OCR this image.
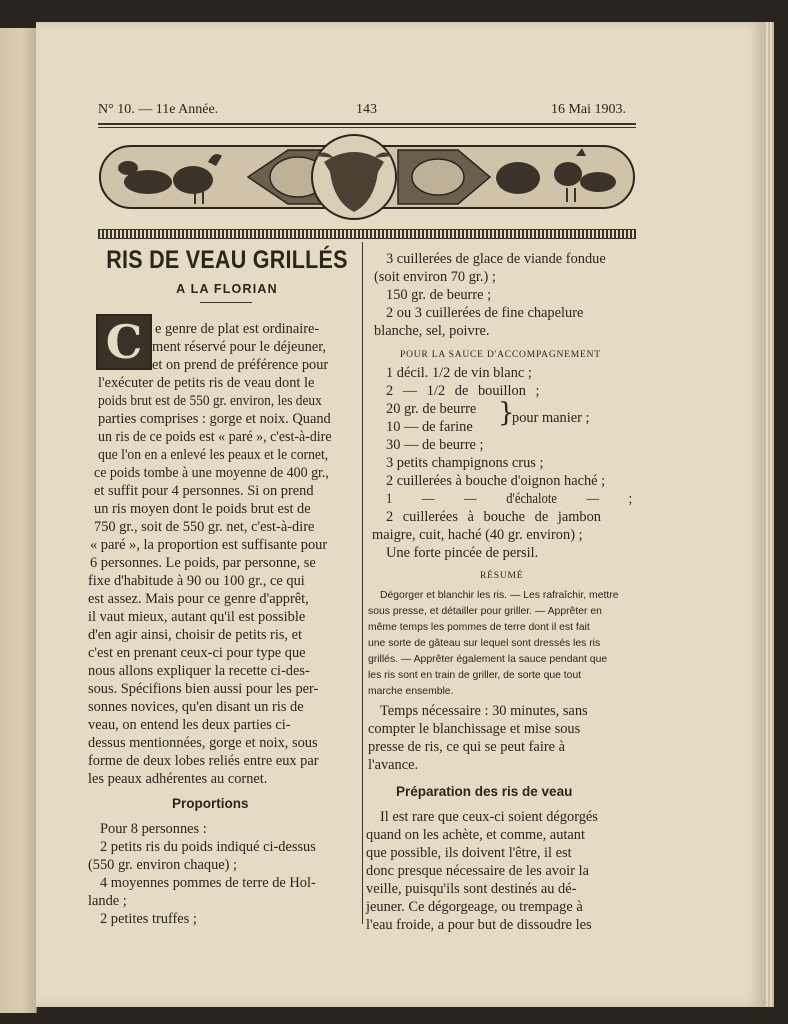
N° 10. — 11e Année.	143	16 Mai 1903.
RIS DE VEAU GRILLÉS
A LA FLORIAN
C e genre de plat est ordinaire-
ment réservé pour le déjeuner,
et on prend de préférence pour
l'exécuter de petits ris de veau dont le
poids brut est de 550 gr. environ, les deux
parties comprises : gorge et noix. Quand
un ris de ce poids est « paré », c'est-à-dire
que l'on en a enlevé les peaux et le cornet,
ce poids tombe à une moyenne de 400 gr.,
et suffit pour 4 personnes. Si on prend
un ris moyen dont le poids brut est de
750 gr., soit de 550 gr. net, c'est-à-dire
« paré », la proportion est suffisante pour
6 personnes. Le poids, par personne, se
fixe d'habitude à 90 ou 100 gr., ce qui
est assez. Mais pour ce genre d'apprêt,
il vaut mieux, autant qu'il est possible
d'en agir ainsi, choisir de petits ris, et
c'est en prenant ceux-ci pour type que
nous allons expliquer la recette ci-des-
sous. Spécifions bien aussi pour les per-
sonnes novices, qu'en disant un ris de
veau, on entend les deux parties ci-
dessus mentionnées, gorge et noix, sous
forme de deux lobes reliés entre eux par
les peaux adhérentes au cornet.
Proportions
Pour 8 personnes :
2 petits ris du poids indiqué ci-dessus
(550 gr. environ chaque) ;
4 moyennes pommes de terre de Hol-
lande ;
2 petites truffes ;
3 cuillerées de glace de viande fondue
(soit environ 70 gr.) ;
150 gr. de beurre ;
2 ou 3 cuillerées de fine chapelure
blanche, sel, poivre.
POUR LA SAUCE D'ACCOMPAGNEMENT
1 décil. 1/2 de vin blanc ;
2 — 1/2 de bouillon ;
20 gr. de beurre
10 — de farine }
pour manier ;
30 — de beurre ;
3 petits champignons crus ;
2 cuillerées à bouche d'oignon haché ;
1 — — d'échalote — ;
2 cuillerées à bouche de jambon
maigre, cuit, haché (40 gr. environ) ;
Une forte pincée de persil.
RÉSUMÉ
Dégorger et blanchir les ris. — Les rafraîchir, mettre
sous presse, et détailler pour griller. — Apprêter en
même temps les pommes de terre dont il est fait
une sorte de gâteau sur lequel sont dressés les ris
grillés. — Apprêter également la sauce pendant que
les ris sont en train de griller, de sorte que tout
marche ensemble.
Temps nécessaire : 30 minutes, sans
compter le blanchissage et mise sous
presse de ris, ce qui se peut faire à
l'avance.
Préparation des ris de veau
Il est rare que ceux-ci soient dégorgés
quand on les achète, et comme, autant
que possible, ils doivent l'être, il est
donc presque nécessaire de les avoir la
veille, puisqu'ils sont destinés au dé-
jeuner. Ce dégorgeage, ou trempage à
l'eau froide, a pour but de dissoudre les
